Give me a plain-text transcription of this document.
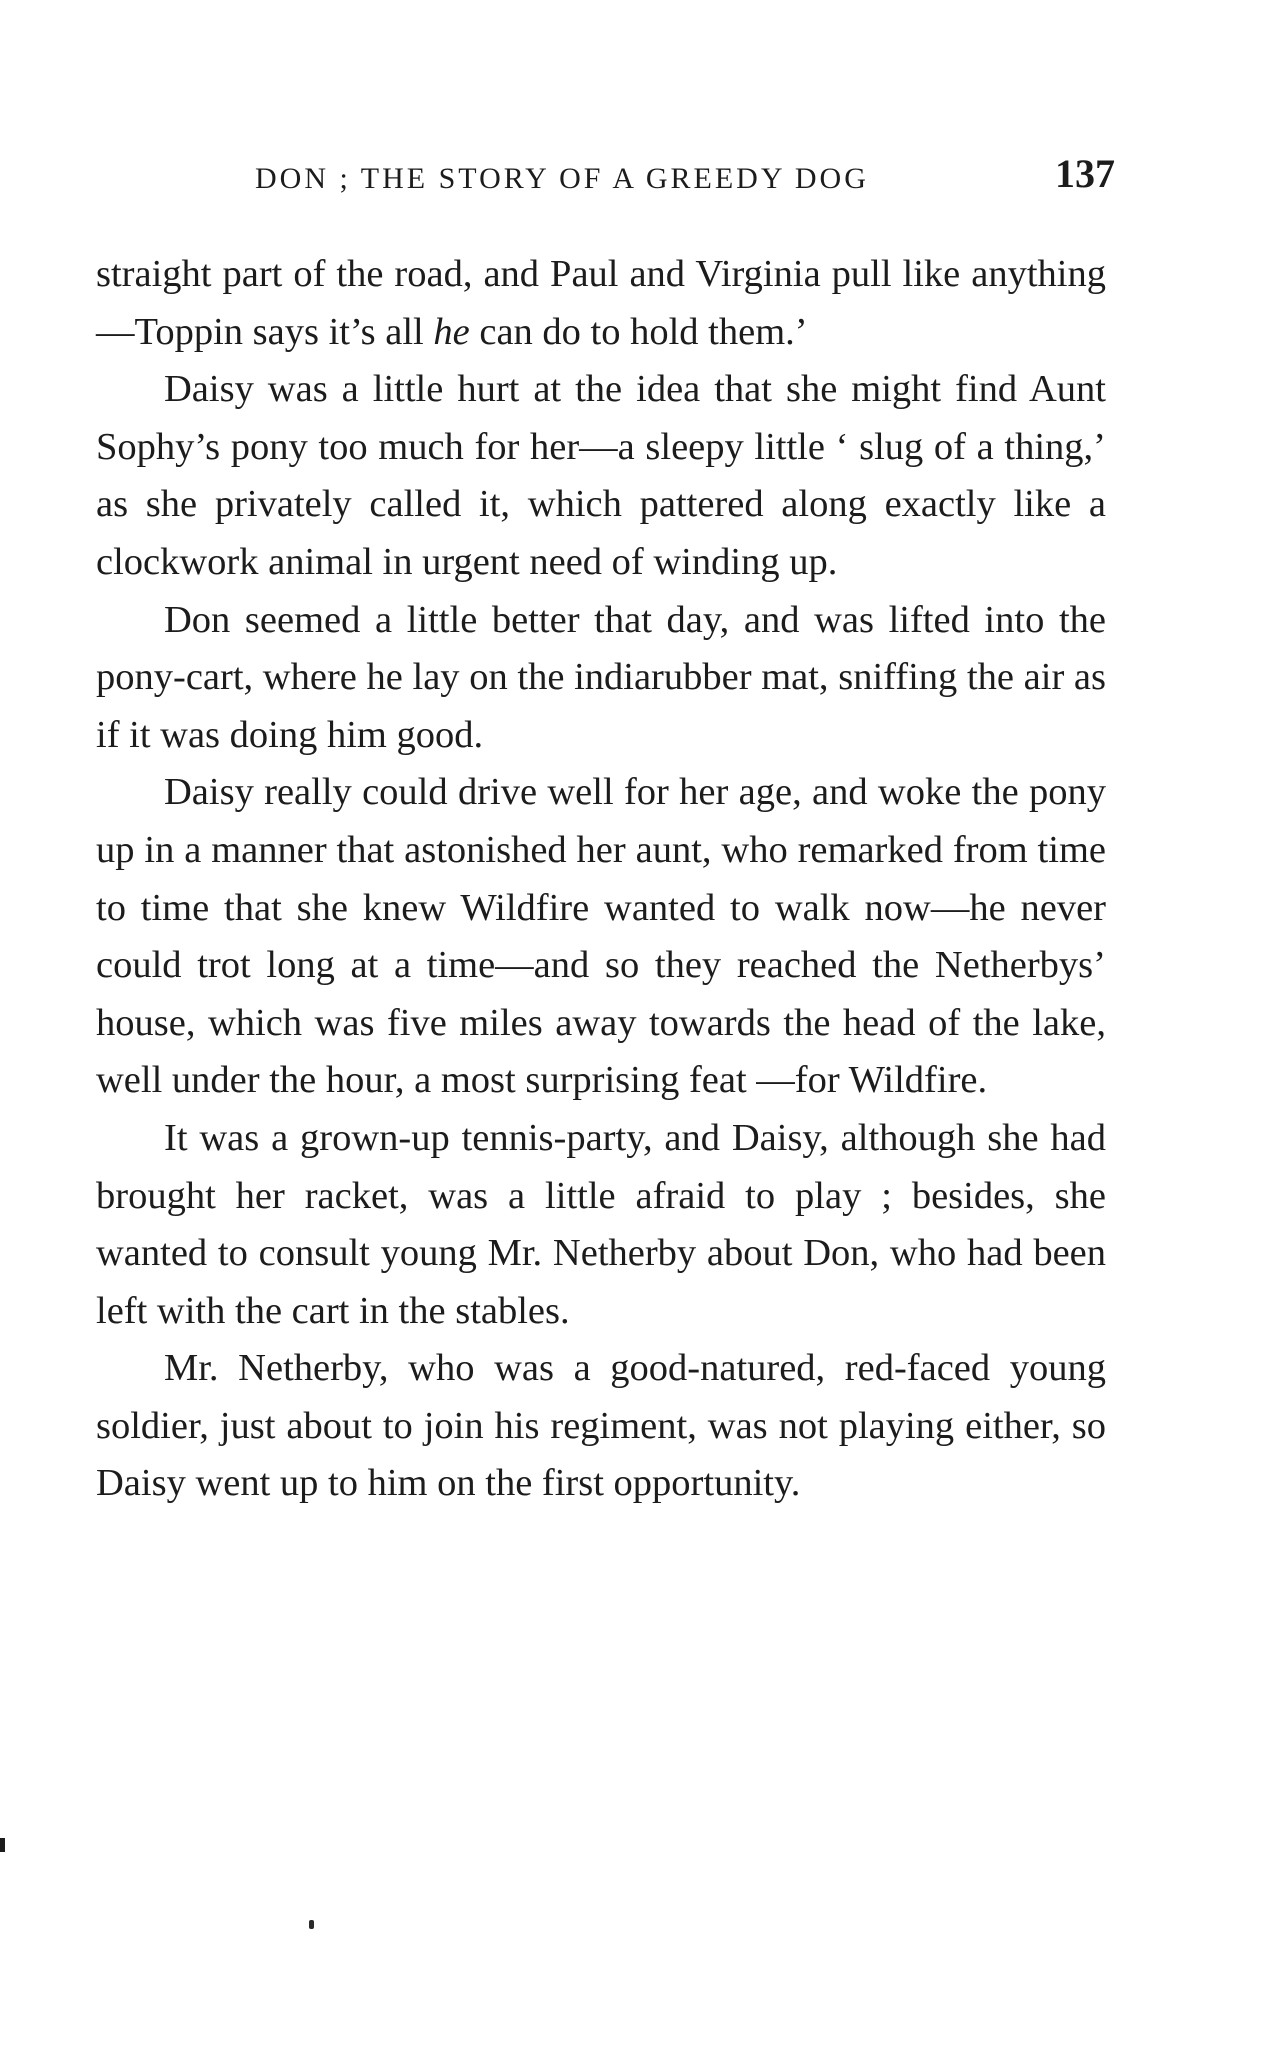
DON ; THE STORY OF A GREEDY DOG	137

straight part of the road, and Paul and Virginia pull like anything—Toppin says it’s all he can do to hold them.’

Daisy was a little hurt at the idea that she might find Aunt Sophy’s pony too much for her—a sleepy little ‘ slug of a thing,’ as she privately called it, which pattered along exactly like a clockwork animal in urgent need of winding up.

Don seemed a little better that day, and was lifted into the pony-cart, where he lay on the indiarubber mat, sniffing the air as if it was doing him good.

Daisy really could drive well for her age, and woke the pony up in a manner that astonished her aunt, who remarked from time to time that she knew Wildfire wanted to walk now—he never could trot long at a time—and so they reached the Netherbys’ house, which was five miles away towards the head of the lake, well under the hour, a most surprising feat —for Wildfire.

It was a grown-up tennis-party, and Daisy, although she had brought her racket, was a little afraid to play ; besides, she wanted to consult young Mr. Netherby about Don, who had been left with the cart in the stables.

Mr. Netherby, who was a good-natured, red-faced young soldier, just about to join his regiment, was not playing either, so Daisy went up to him on the first opportunity.
